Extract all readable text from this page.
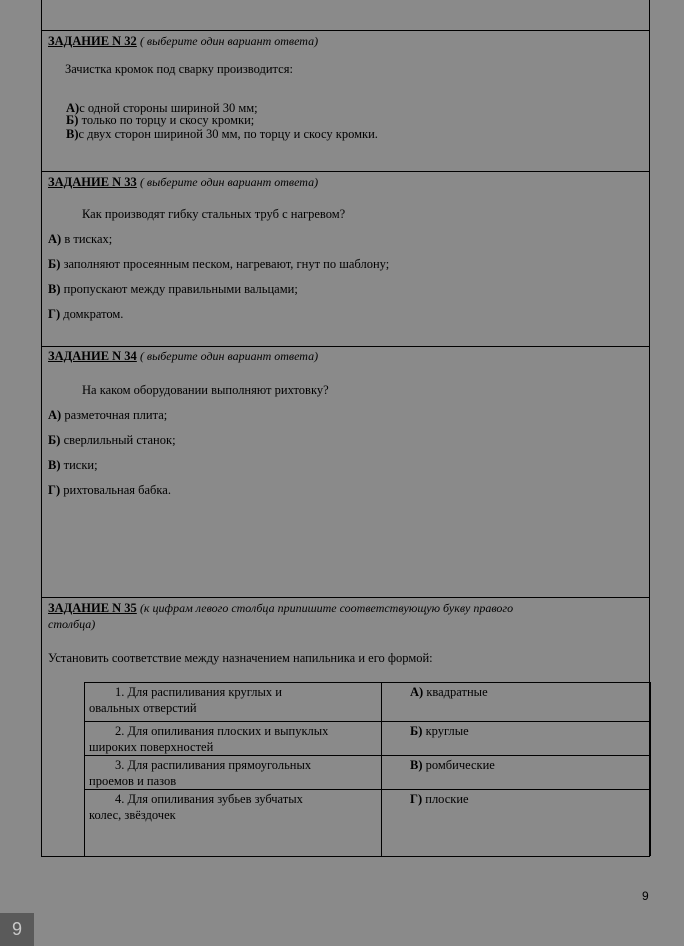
ЗАДАНИЕ N 32 ( выберите один вариант ответа)
Зачистка кромок под сварку производится:
А)с одной стороны шириной 30 мм;
Б) только по торцу и скосу кромки;
В)с двух сторон шириной 30 мм, по торцу и скосу кромки.
ЗАДАНИЕ N 33 ( выберите один вариант ответа)
Как производят гибку стальных труб с нагревом?
А) в тисках;
Б) заполняют просеянным песком, нагревают, гнут по шаблону;
В) пропускают между правильными вальцами;
Г) домкратом.
ЗАДАНИЕ N 34 ( выберите один вариант ответа)
На каком оборудовании выполняют рихтовку?
А) разметочная плита;
Б) сверлильный станок;
В) тиски;
Г) рихтовальная бабка.
ЗАДАНИЕ N 35 (к цифрам левого столбца припишите соответствующую букву правого
столбца)
Установить соответствие между назначением напильника и его формой:
1. Для распиливания круглых и
овальных отверстий
А) квадратные
2. Для опиливания плоских и выпуклых
широких поверхностей
Б) круглые
3. Для распиливания прямоугольных
проемов и пазов
В) ромбические
4. Для опиливания зубьев зубчатых
колес, звёздочек
Г) плоские
9
9
